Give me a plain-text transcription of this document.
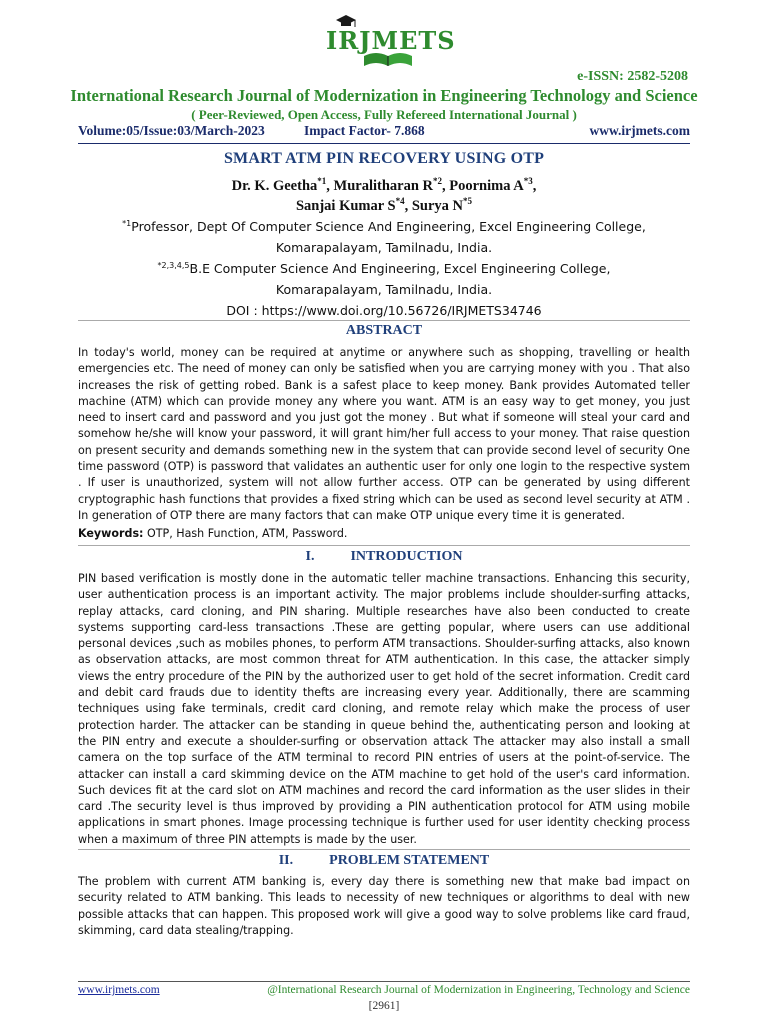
IRJMETS
e-ISSN: 2582-5208
International Research Journal of Modernization in Engineering Technology and Science
( Peer-Reviewed, Open Access, Fully Refereed International Journal )
Volume:05/Issue:03/March-2023	Impact Factor- 7.868	www.irjmets.com
SMART ATM PIN RECOVERY USING OTP
Dr. K. Geetha$^{*1}$, Muralitharan $R^{*2}$, Poornima $A^{*3}$,
Sanjai Kumar $S^{*4}$, Surya $N^{*5}$
$^{*1}$Professor, Dept Of Computer Science And Engineering, Excel Engineering College,
Komarapalayam, Tamilnadu, India.
$^{*2,3,4,5}$B.E Computer Science And Engineering, Excel Engineering College,
Komarapalayam, Tamilnadu, India.
DOI : https://www.doi.org/10.56726/IRJMETS34746
ABSTRACT
In today's world, money can be required at anytime or anywhere such as shopping, travelling or health emergencies etc. The need of money can only be satisfied when you are carrying money with you . That also increases the risk of getting robed. Bank is a safest place to keep money. Bank provides Automated teller machine (ATM) which can provide money any where you want. ATM is an easy way to get money, you just need to insert card and password and you just got the money . But what if someone will steal your card and somehow he/she will know your password, it will grant him/her full access to your money. That raise question on present security and demands something new in the system that can provide second level of security One time password (OTP) is password that validates an authentic user for only one login to the respective system . If user is unauthorized, system will not allow further access. OTP can be generated by using different cryptographic hash functions that provides a fixed string which can be used as second level security at ATM . In generation of OTP there are many factors that can make OTP unique every time it is generated.
Keywords: OTP, Hash Function, ATM, Password.
I.	INTRODUCTION
PIN based verification is mostly done in the automatic teller machine transactions. Enhancing this security, user authentication process is an important activity. The major problems include shoulder-surfing attacks, replay attacks, card cloning, and PIN sharing. Multiple researches have also been conducted to create systems supporting card-less transactions .These are getting popular, where users can use additional personal devices ,such as mobiles phones, to perform ATM transactions. Shoulder-surfing attacks, also known as observation attacks, are most common threat for ATM authentication. In this case, the attacker simply views the entry procedure of the PIN by the authorized user to get hold of the secret information. Credit card and debit card frauds due to identity thefts are increasing every year. Additionally, there are scamming techniques using fake terminals, credit card cloning, and remote relay which make the process of user protection harder. The attacker can be standing in queue behind the, authenticating person and looking at the PIN entry and execute a shoulder-surfing or observation attack The attacker may also install a small camera on the top surface of the ATM terminal to record PIN entries of users at the point-of-service. The attacker can install a card skimming device on the ATM machine to get hold of the user's card information. Such devices fit at the card slot on ATM machines and record the card information as the user slides in their card .The security level is thus improved by providing a PIN authentication protocol for ATM using mobile applications in smart phones. Image processing technique is further used for user identity checking process when a maximum of three PIN attempts is made by the user.
II.	PROBLEM STATEMENT
The problem with current ATM banking is, every day there is something new that make bad impact on security related to ATM banking. This leads to necessity of new techniques or algorithms to deal with new possible attacks that can happen. This proposed work will give a good way to solve problems like card fraud, skimming, card data stealing/trapping.
www.irjmets.com	@International Research Journal of Modernization in Engineering, Technology and Science
[2961]
